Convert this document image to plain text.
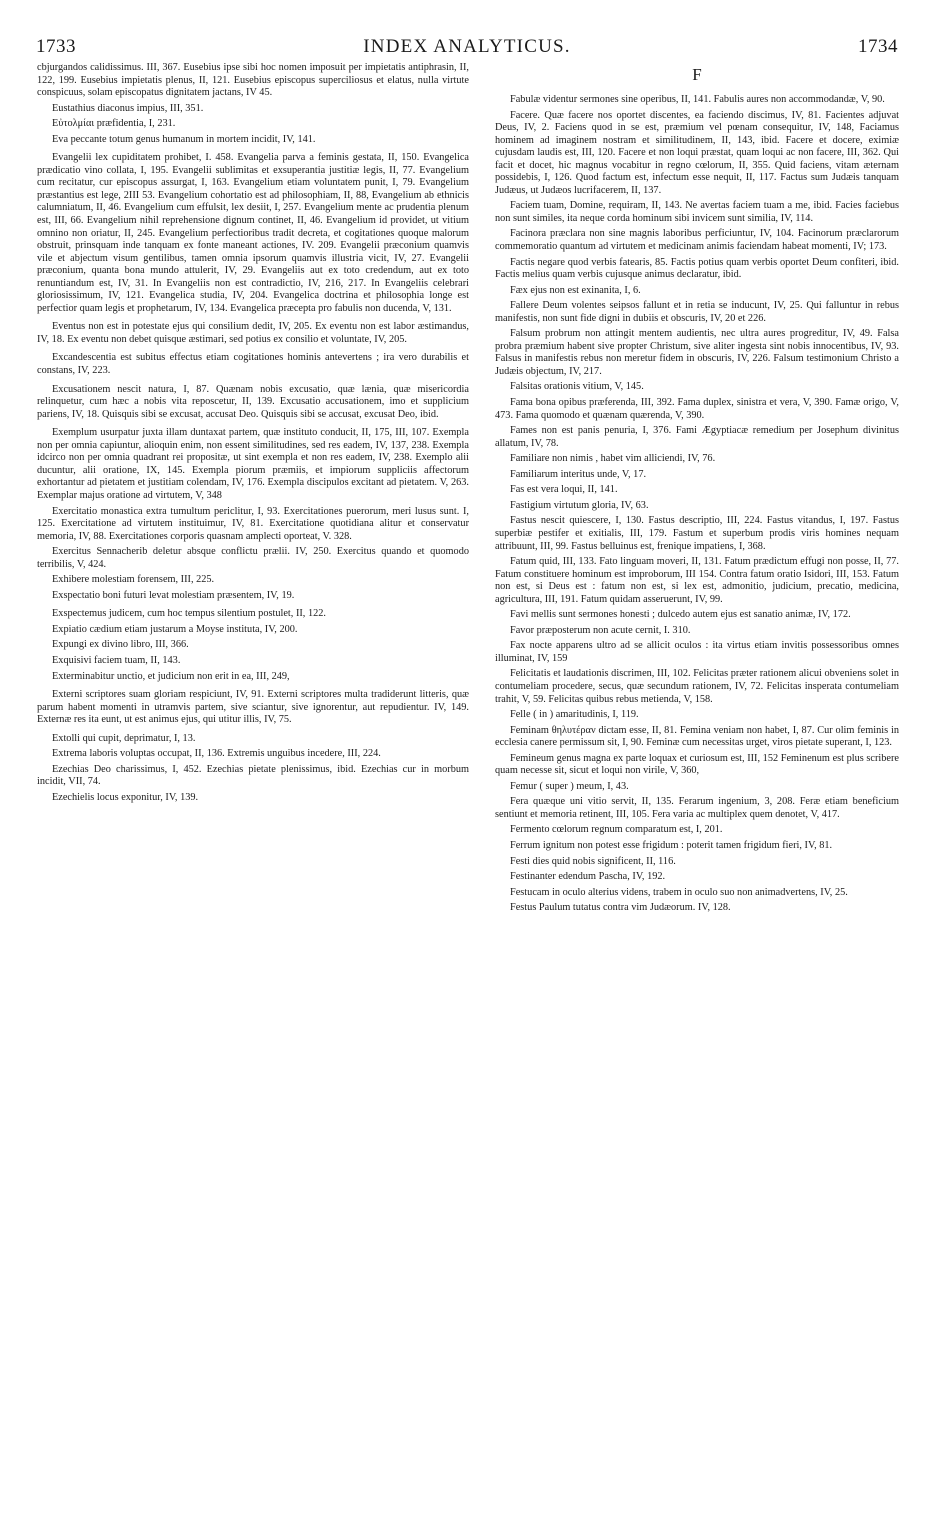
1733	INDEX ANALYTICUS.	1734

cbjurgandos calidissimus. III, 367. Eusebius ipse sibi hoc nomen imposuit per impietatis antiphrasin, II, 122, 199. Eusebius impietatis plenus, II, 121. Eusebius episcopus superciliosus et elatus, nulla virtute conspicuus, solam episcopatus dignitatem jactans, IV 45.

Eustathius diaconus impius, III, 351.

Εὐτολμίαι præfidentia, I, 231.

Eva peccante totum genus humanum in mortem incidit, IV, 141.

Evangelii lex cupiditatem prohibet, I. 458. Evangelia parva a feminis gestata, II, 150. Evangelica prædicatio vino collata, I, 195. Evangelii sublimitas et exsuperantia justitiæ legis, II, 77. Evangelium cum recitatur, cur episcopus assurgat, I, 163. Evangelium etiam voluntatem punit, I, 79. Evangelium præstantius est lege, 2III 53. Evangelium cohortatio est ad philosophiam, II, 88, Evangelium ab ethnicis calumniatum, II, 46. Evangelium cum effulsit, lex desiit, I, 257. Evangelium mente ac prudentia plenum est, III, 66. Evangelium nihil reprehensione dignum continet, II, 46. Evangelium id providet, ut vitium omnino non oriatur, II, 245. Evangelium perfectioribus tradit decreta, et cogitationes quoque malorum obstruit, prinsquam inde tanquam ex fonte maneant actiones, IV. 209. Evangelii præconium quamvis vile et abjectum visum gentilibus, tamen omnia ipsorum quamvis illustria vicit, IV, 27. Evangelii præconium, quanta bona mundo attulerit, IV, 29. Evangeliis aut ex toto credendum, aut ex toto renuntiandum est, IV, 31. In Evangeliis non est contradictio, IV, 216, 217. In Evangeliis celebrari gloriosissimum, IV, 121. Evangelica studia, IV, 204. Evangelica doctrina et philosophia longe est perfectior quam legis et prophetarum, IV, 134. Evangelica præcepta pro fabulis non ducenda, V, 131.

Eventus non est in potestate ejus qui consilium dedit, IV, 205. Ex eventu non est labor æstimandus, IV, 18. Ex eventu non debet quisque æstimari, sed potius ex consilio et voluntate, IV, 205.

Excandescentia est subitus effectus etiam cogitationes hominis antevertens ; ira vero durabilis et constans, IV, 223.

Excusationem nescit natura, I, 87. Quænam nobis excusatio, quæ lænia, quæ misericordia relinquetur, cum hæc a nobis vita reposcetur, II, 139. Excusatio accusationem, imo et supplicium pariens, IV, 18. Quisquis sibi se excusat, accusat Deo. Quisquis sibi se accusat, excusat Deo, ibid.

Exemplum usurpatur juxta illam duntaxat partem, quæ instituto conducit, II, 175, III, 107. Exempla non per omnia capiuntur, alioquin enim, non essent similitudines, sed res eadem, IV, 137, 238. Exempla idcirco non per omnia quadrant rei propositæ, ut sint exempla et non res eadem, IV, 238. Exemplo alii ducuntur, alii oratione, IX, 145. Exempla piorum præmiis, et impiorum suppliciis affectorum exhortantur ad pietatem et justitiam colendam, IV, 176. Exempla discipulos excitant ad pietatem. V, 263. Exemplar majus oratione ad virtutem, V, 348

Exercitatio monastica extra tumultum periclitur, I, 93. Exercitationes puerorum, meri lusus sunt. I, 125. Exercitatione ad virtutem instituimur, IV, 81. Exercitatione quotidiana alitur et conservatur memoria, IV, 88. Exercitationes corporis quasnam amplecti oporteat, V. 328.

Exercitus Sennacherib deletur absque conflictu prælii. IV, 250. Exercitus quando et quomodo terribilis, V, 424.

Exhibere molestiam forensem, III, 225.

Exspectatio boni futuri levat molestiam præsentem, IV, 19.

Exspectemus judicem, cum hoc tempus silentium postulet, II, 122.

Expiatio cædium etiam justarum a Moyse instituta, IV, 200.

Expungi ex divino libro, III, 366.

Exquisivi faciem tuam, II, 143.

Exterminabitur unctio, et judicium non erit in ea, III, 249,

Externi scriptores suam gloriam respiciunt, IV, 91. Externi scriptores multa tradiderunt litteris, quæ parum habent momenti in utramvis partem, sive sciantur, sive ignorentur, aut repudientur. IV, 149. Externæ res ita eunt, ut est animus ejus, qui utitur illis, IV, 75.

Extolli qui cupit, deprimatur, I, 13.

Extrema laboris voluptas occupat, II, 136. Extremis unguibus incedere, III, 224.

Ezechias Deo charissimus, I, 452. Ezechias pietate plenissimus, ibid. Ezechias cur in morbum incidit, VII, 74.

Ezechielis locus exponitur, IV, 139.

F

Fabulæ videntur sermones sine operibus, II, 141. Fabulis aures non accommodandæ, V, 90.

Facere. Quæ facere nos oportet discentes, ea faciendo discimus, IV, 81. Facientes adjuvat Deus, IV, 2. Faciens quod in se est, præmium vel pœnam consequitur, IV, 148, Faciamus hominem ad imaginem nostram et similitudinem, II, 143, ibid. Facere et docere, eximiæ cujusdam laudis est, III, 120. Facere et non loqui præstat, quam loqui ac non facere, III, 362. Qui facit et docet, hic magnus vocabitur in regno cœlorum, II, 355. Quid faciens, vitam æternam possidebis, I, 126. Quod factum est, infectum esse nequit, II, 117. Factus sum Judæis tanquam Judæus, ut Judæos lucrifacerem, II, 137.

Faciem tuam, Domine, requiram, II, 143. Ne avertas faciem tuam a me, ibid. Facies faciebus non sunt similes, ita neque corda hominum sibi invicem sunt similia, IV, 114.

Facinora præclara non sine magnis laboribus perficiuntur, IV, 104. Facinorum præclarorum commemoratio quantum ad virtutem et medicinam animis faciendam habeat momenti, IV; 173.

Factis negare quod verbis fatearis, 85. Factis potius quam verbis oportet Deum confiteri, ibid. Factis melius quam verbis cujusque animus declaratur, ibid.

Fæx ejus non est exinanita, I, 6.

Fallere Deum volentes seipsos fallunt et in retia se inducunt, IV, 25. Qui falluntur in rebus manifestis, non sunt fide digni in dubiis et obscuris, IV, 20 et 226.

Falsum probrum non attingit mentem audientis, nec ultra aures progreditur, IV, 49. Falsa probra præmium habent sive propter Christum, sive aliter ingesta sint nobis innocentibus, IV, 93. Falsus in manifestis rebus non meretur fidem in obscuris, IV, 226. Falsum testimonium Christo a Judæis objectum, IV, 217.

Falsitas orationis vitium, V, 145.

Fama bona opibus præferenda, III, 392. Fama duplex, sinistra et vera, V, 390. Famæ origo, V, 473. Fama quomodo et quænam quærenda, V, 390.

Fames non est panis penuria, I, 376. Fami Ægyptiacæ remedium per Josephum divinitus allatum, IV, 78.

Familiare non nimis , habet vim alliciendi, IV, 76.

Familiarum interitus unde, V, 17.

Fas est vera loqui, II, 141.

Fastigium virtutum gloria, IV, 63.

Fastus nescit quiescere, I, 130. Fastus descriptio, III, 224. Fastus vitandus, I, 197. Fastus superbiæ pestifer et exitialis, III, 179. Fastum et superbum prodis viris homines nequam attribuunt, III, 99. Fastus belluinus est, frenique impatiens, I, 368.

Fatum quid, III, 133. Fato linguam moveri, II, 131. Fatum prædictum effugi non posse, II, 77. Fatum constituere hominum est improborum, III 154. Contra fatum oratio Isidori, III, 153. Fatum non est, si Deus est : fatum non est, si lex est, admonitio, judicium, precatio, medicina, agricultura, III, 191. Fatum quidam asseruerunt, IV, 99.

Favi mellis sunt sermones honesti ; dulcedo autem ejus est sanatio animæ, IV, 172.

Favor præposterum non acute cernit, I. 310.

Fax nocte apparens ultro ad se allicit oculos : ita virtus etiam invitis possessoribus omnes illuminat, IV, 159

Felicitatis et laudationis discrimen, III, 102. Felicitas præter rationem alicui obveniens solet in contumeliam procedere, secus, quæ secundum rationem, IV, 72. Felicitas insperata contumeliam trahit, V, 59. Felicitas quibus rebus metienda, V, 158.

Felle ( in ) amaritudinis, I, 119.

Feminam θηλυτέραν dictam esse, II, 81. Femina veniam non habet, I, 87. Cur olim feminis in ecclesia canere permissum sit, I, 90. Feminæ cum necessitas urget, viros pietate superant, I, 123.

Femineum genus magna ex parte loquax et curiosum est, III, 152 Feminenum est plus scribere quam necesse sit, sicut et loqui non virile, V, 360,

Femur ( super ) meum, I, 43.

Fera quæque uni vitio servit, II, 135. Ferarum ingenium, 3, 208. Feræ etiam beneficium sentiunt et memoria retinent, III, 105. Fera varia ac multiplex quem denotet, V, 417.

Fermento cœlorum regnum comparatum est, I, 201.

Ferrum ignitum non potest esse frigidum : poterit tamen frigidum fieri, IV, 81.

Festi dies quid nobis significent, II, 116.

Festinanter edendum Pascha, IV, 192.

Festucam in oculo alterius videns, trabem in oculo suo non animadvertens, IV, 25.

Festus Paulum tutatus contra vim Judæorum. IV, 128.
